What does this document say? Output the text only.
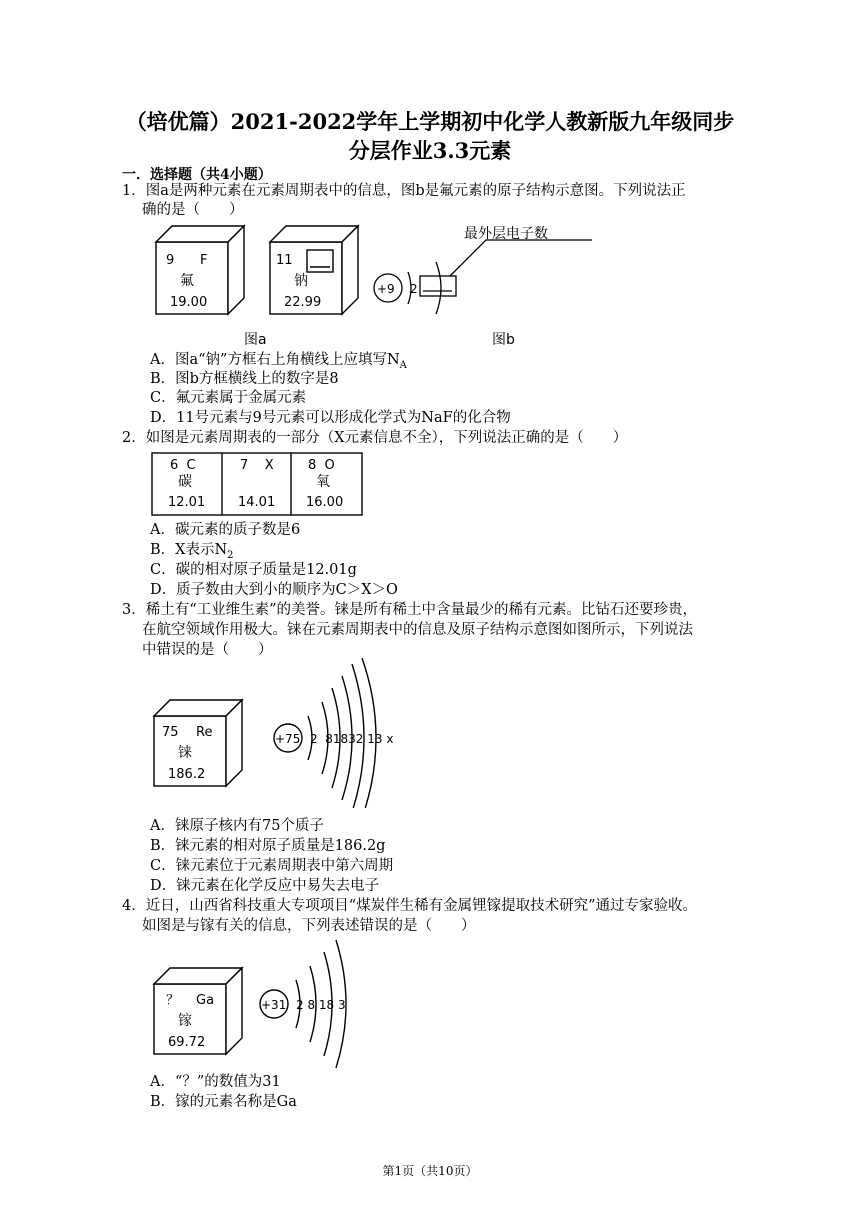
（培优篇）2021-2022学年上学期初中化学人教新版九年级同步
分层作业3.3元素
一．选择题（共4小题）
1．图a是两种元素在元素周期表中的信息，图b是氟元素的原子结构示意图。下列说法正
确的是（　　）
9 F
氟
19.00
11
钠
22.99
+9 2
最外层电子数
图a	图b
A．图a“钠”方框右上角横线上应填写$N_A$
B．图b方框横线上的数字是8
C．氟元素属于金属元素
D．11号元素与9号元素可以形成化学式为NaF的化合物
2．如图是元素周期表的一部分（X元素信息不全），下列说法正确的是（　　）
6  C
碳
12.01
7    X
14.01
8  O
氧
16.00
A．碳元素的质子数是6
B．X表示$N_2$
C．碳的相对原子质量是12.01g
D．质子数由大到小的顺序为C＞X＞O
3．稀土有“工业维生素”的美誉。铼是所有稀土中含量最少的稀有元素。比钻石还要珍贵，
在航空领域作用极大。铼在元素周期表中的信息及原子结构示意图如图所示，下列说法
中错误的是（　　）
75 Re
铼
186.2
+75 2  81832 13 x
A．铼原子核内有75个质子
B．铼元素的相对原子质量是186.2g
C．铼元素位于元素周期表中第六周期
D．铼元素在化学反应中易失去电子
4．近日，山西省科技重大专项项目“煤炭伴生稀有金属锂镓提取技术研究”通过专家验收。
如图是与镓有关的信息，下列表述错误的是（　　）
？ Ga
镓
69.72
+31 2 8 18 3
A．“？”的数值为31
B．镓的元素名称是Ga
第1页（共10页）
